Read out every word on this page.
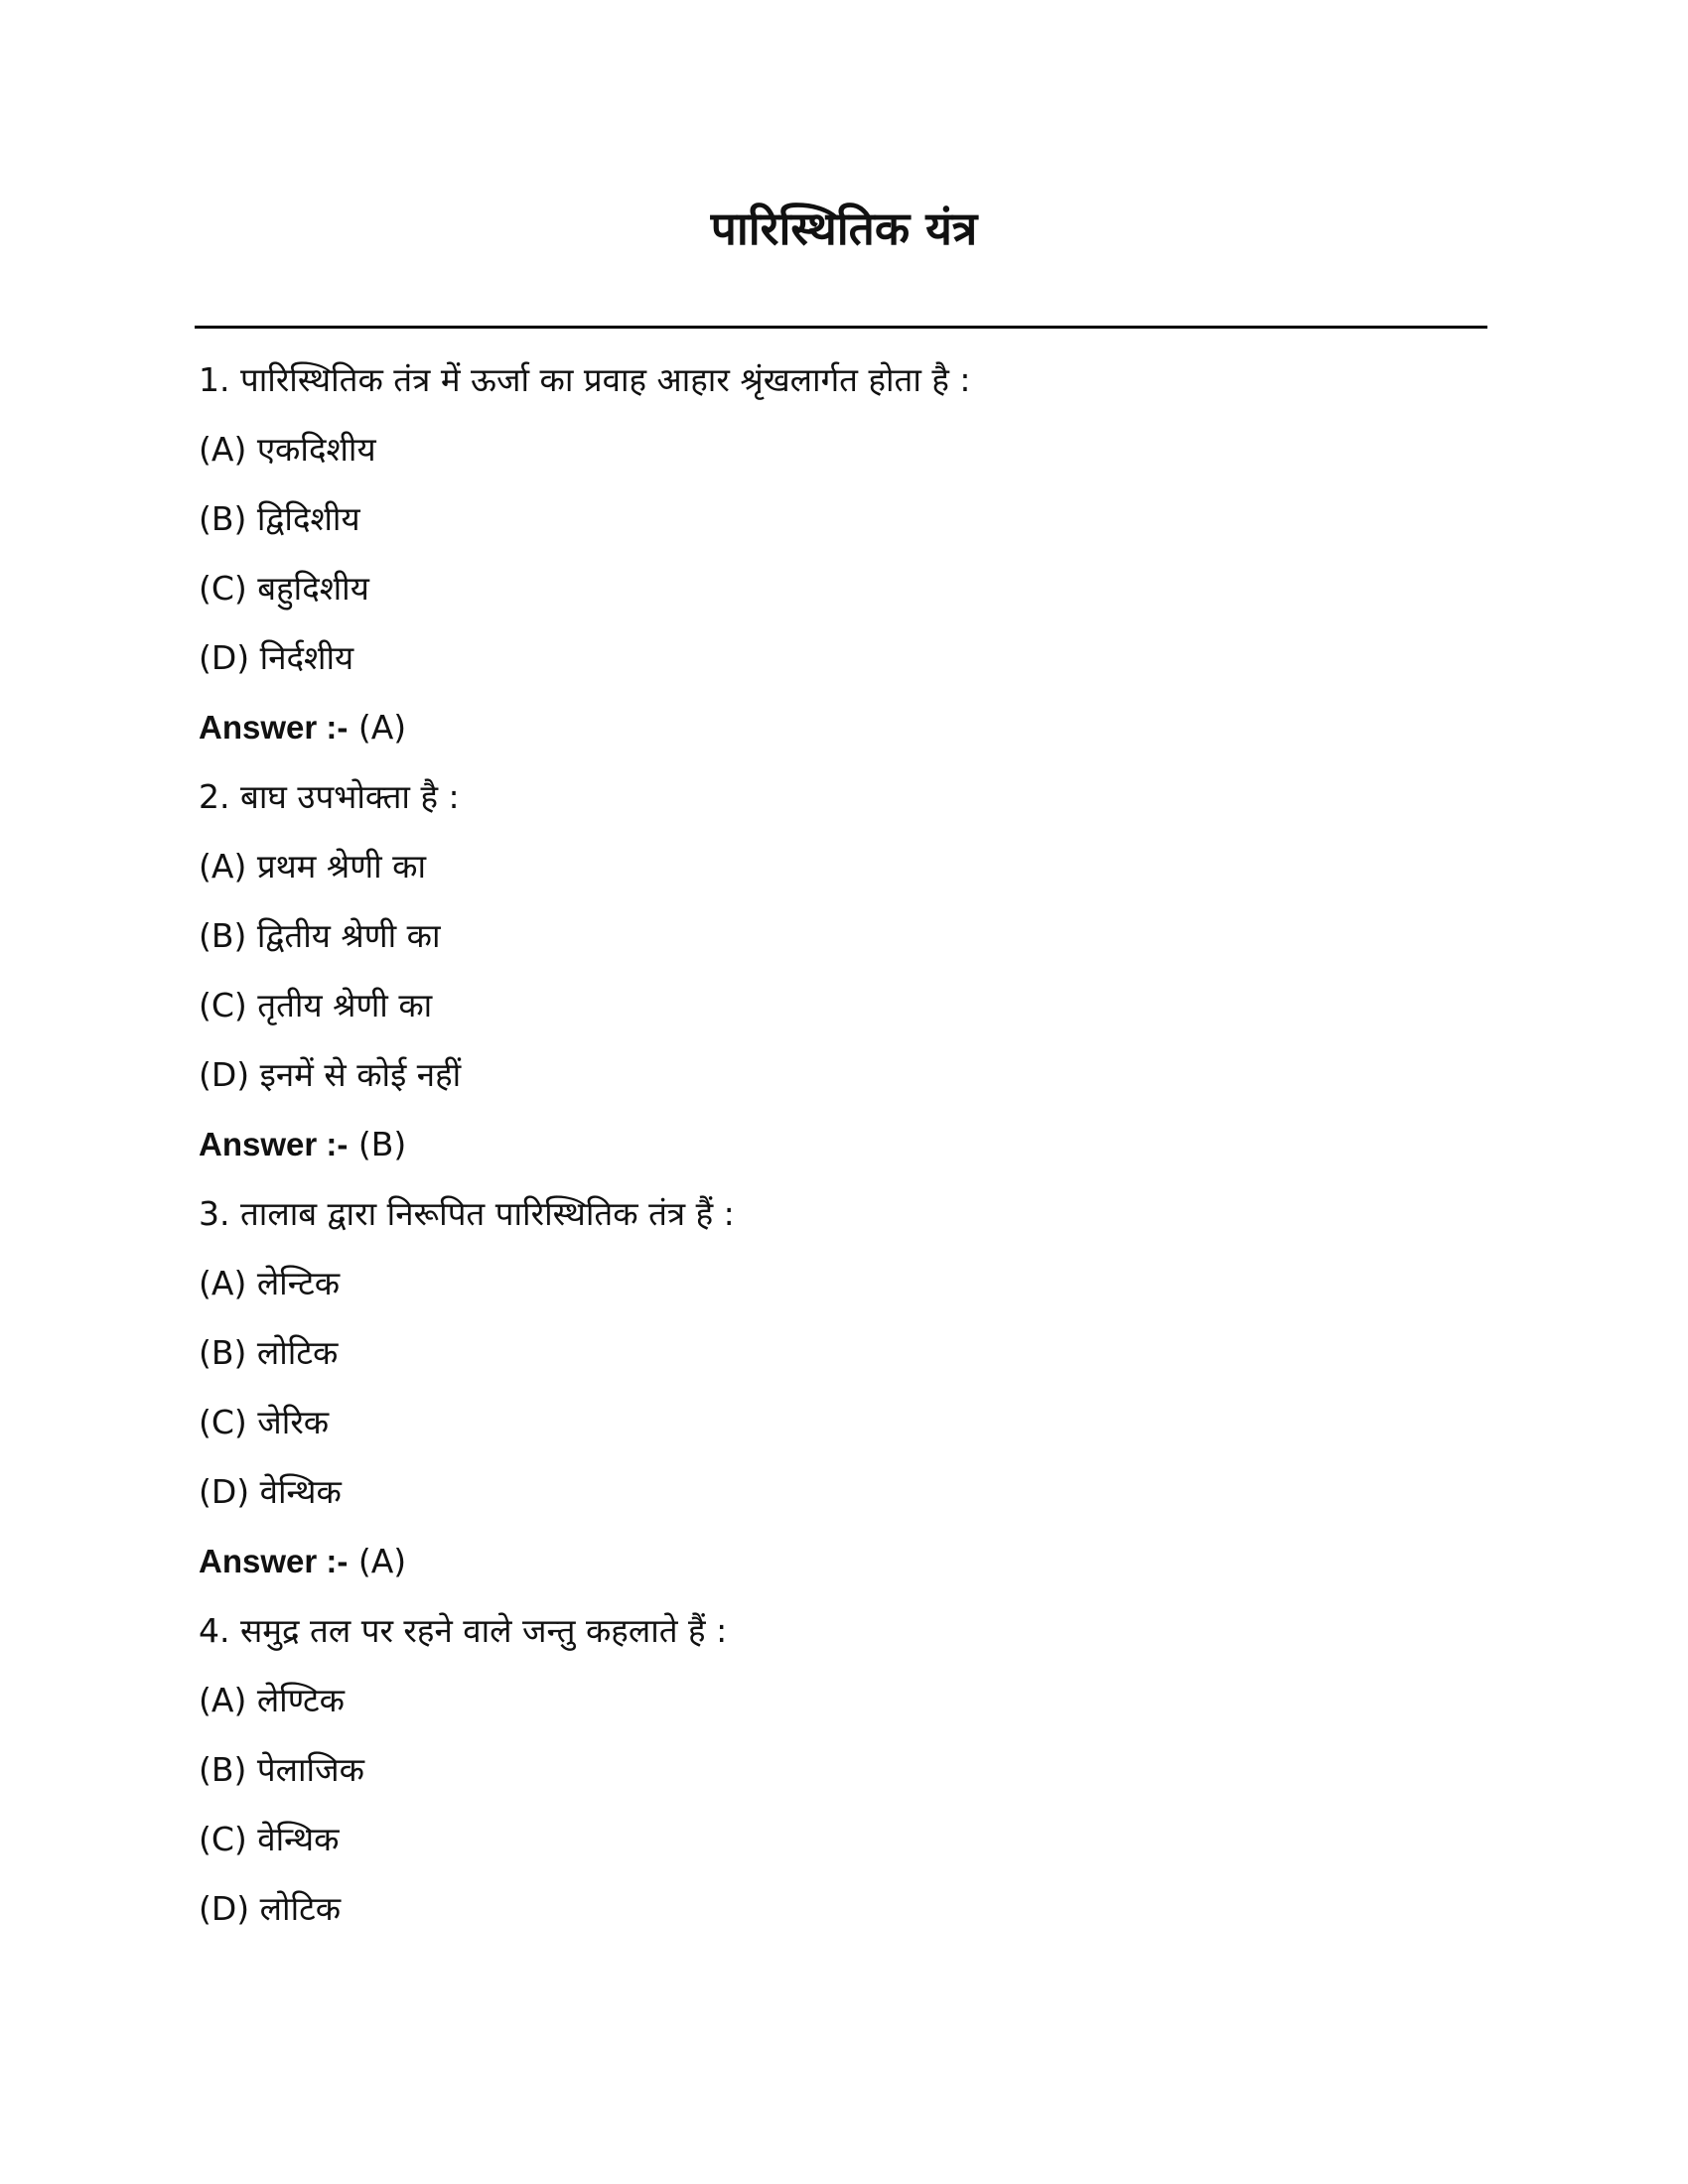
पारिस्थितिक यंत्र
1. पारिस्थितिक तंत्र में ऊर्जा का प्रवाह आहार श्रृंखलार्गत होता है :
(A) एकदिशीय
(B) द्विदिशीय
(C) बहुदिशीय
(D) निर्दशीय
Answer :- (A)
2. बाघ उपभोक्ता है :
(A) प्रथम श्रेणी का
(B) द्वितीय श्रेणी का
(C) तृतीय श्रेणी का
(D) इनमें से कोई नहीं
Answer :- (B)
3. तालाब द्वारा निरूपित पारिस्थितिक तंत्र हैं :
(A) लेन्टिक
(B) लोटिक
(C) जेरिक
(D) वेन्थिक
Answer :- (A)
4. समुद्र तल पर रहने वाले जन्तु कहलाते हैं :
(A) लेण्टिक
(B) पेलाजिक
(C) वेन्थिक
(D) लोटिक
